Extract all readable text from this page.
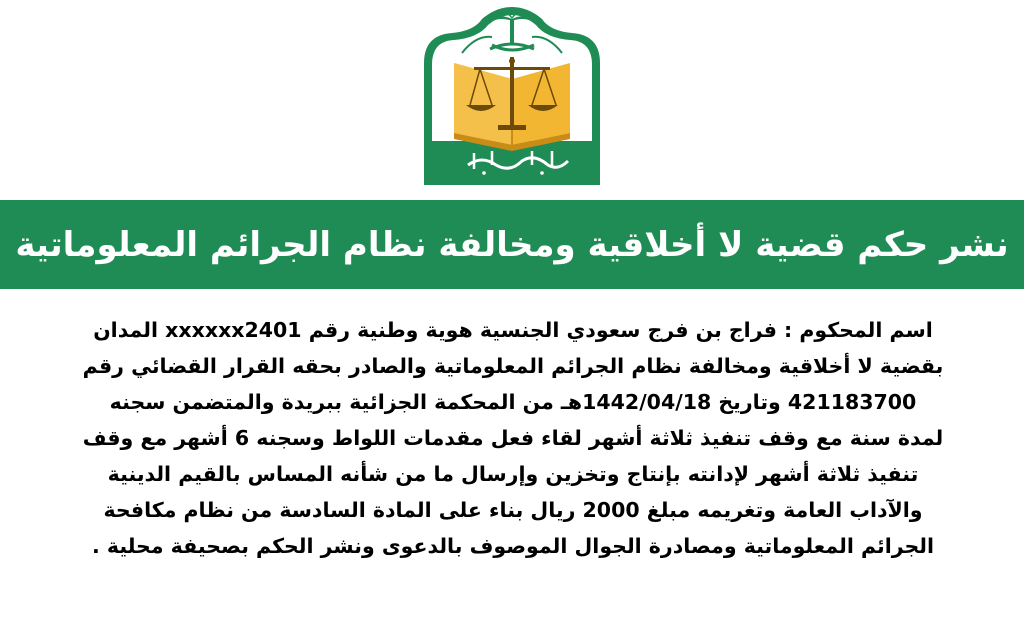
نشر حكم قضية لا أخلاقية ومخالفة نظام الجرائم المعلوماتية
اسم المحكوم : فراج بن فرج سعودي الجنسية هوية وطنية رقم xxxxxx2401 المدان
بقضية لا أخلاقية ومخالفة نظام الجرائم المعلوماتية والصادر بحقه القرار القضائي رقم
421183700 وتاريخ 1442/04/18هـ من المحكمة الجزائية ببريدة والمتضمن سجنه
لمدة سنة مع وقف تنفيذ ثلاثة أشهر لقاء فعل مقدمات اللواط وسجنه 6 أشهر مع وقف
تنفيذ ثلاثة أشهر لإدانته بإنتاج وتخزين وإرسال ما من شأنه المساس بالقيم الدينية
والآداب العامة وتغريمه مبلغ 2000 ريال بناء على المادة السادسة من نظام مكافحة
الجرائم المعلوماتية ومصادرة الجوال الموصوف بالدعوى ونشر الحكم بصحيفة محلية .
